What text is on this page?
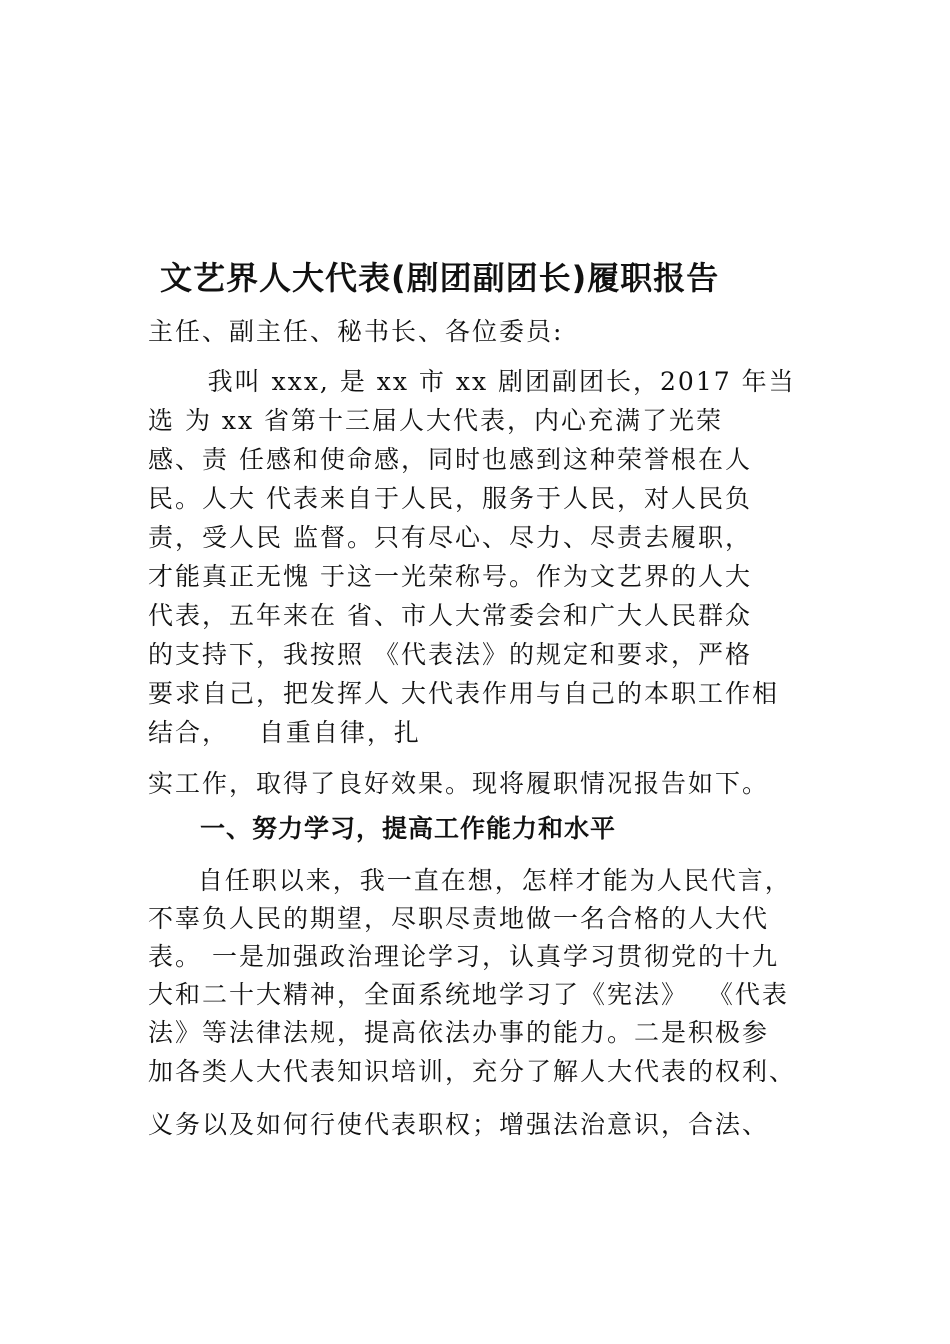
文艺界人大代表(剧团副团长)履职报告

主任、副主任、秘书长、各位委员:

我叫 xxx, 是 xx 市 xx 剧团副团长，2017 年当

选 为 xx 省第十三届人大代表，内心充满了光荣

感、责 任感和使命感，同时也感到这种荣誉根在人

民。人大 代表来自于人民，服务于人民，对人民负

责，受人民 监督。只有尽心、尽力、尽责去履职，

才能真正无愧 于这一光荣称号。作为文艺界的人大

代表，五年来在 省、市人大常委会和广大人民群众

的支持下，我按照 《代表法》的规定和要求，严格

要求自己，把发挥人 大代表作用与自己的本职工作相

结合，   自重自律，扎

实工作，取得了良好效果。现将履职情况报告如下。

一、努力学习，提高工作能力和水平

自任职以来，我一直在想，怎样才能为人民代言，

不辜负人民的期望，尽职尽责地做一名合格的人大代

表。 一是加强政治理论学习，认真学习贯彻党的十九

大和二十大精神，全面系统地学习了《宪法》  《代表

法》等法律法规，提高依法办事的能力。二是积极参

加各类人大代表知识培训，充分了解人大代表的权利、

义务以及如何行使代表职权；增强法治意识，合法、
